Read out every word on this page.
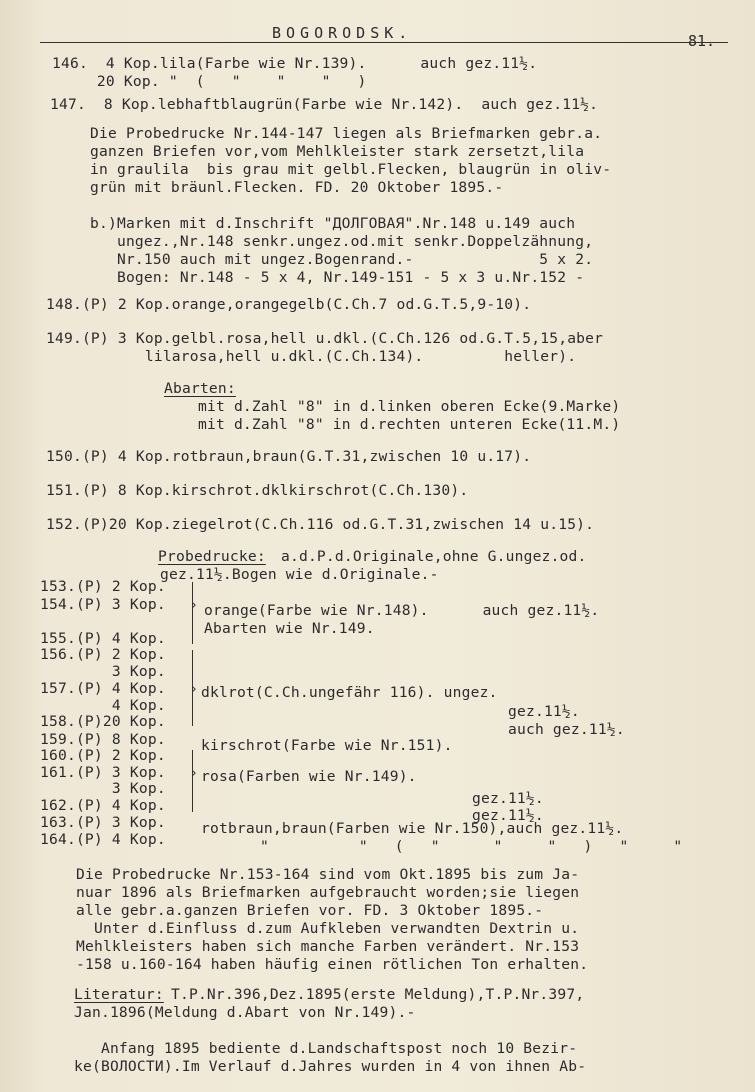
BOGORODSK.	81.
146.  4 Kop.lila(Farbe wie Nr.139).      auch gez.11½.
20 Kop. "  (   "    "    "   )
147.  8 Kop.lebhaftblaugrün(Farbe wie Nr.142).  auch gez.11½.
Die Probedrucke Nr.144-147 liegen als Briefmarken gebr.a.
ganzen Briefen vor,vom Mehlkleister stark zersetzt,lila
in graulila  bis grau mit gelbl.Flecken, blaugrün in oliv-
grün mit bräunl.Flecken. FD. 20 Oktober 1895.-
b.)Marken mit d.Inschrift "ДОЛГОВАЯ".Nr.148 u.149 auch
ungez.,Nr.148 senkr.ungez.od.mit senkr.Doppelzähnung,
Nr.150 auch mit ungez.Bogenrand.-              5 x 2.
Bogen: Nr.148 - 5 x 4, Nr.149-151 - 5 x 3 u.Nr.152 -
148.(P) 2 Kop.orange,orangegelb(C.Ch.7 od.G.T.5,9-10).
149.(P) 3 Kop.gelbl.rosa,hell u.dkl.(C.Ch.126 od.G.T.5,15,aber
lilarosa,hell u.dkl.(C.Ch.134).         heller).
Abarten:
mit d.Zahl "8" in d.linken oberen Ecke(9.Marke)
mit d.Zahl "8" in d.rechten unteren Ecke(11.M.)
150.(P) 4 Kop.rotbraun,braun(G.T.31,zwischen 10 u.17).
151.(P) 8 Kop.kirschrot.dklkirschrot(C.Ch.130).
152.(P)20 Kop.ziegelrot(C.Ch.116 od.G.T.31,zwischen 14 u.15).
Probedrucke: a.d.P.d.Originale,ohne G.ungez.od.
gez.11½.Bogen wie d.Originale.-
153.(P) 2 Kop.
154.(P) 3 Kop.	orange(Farbe wie Nr.148).      auch gez.11½.
Abarten wie Nr.149.
155.(P) 4 Kop.
156.(P) 2 Kop.
3 Kop.
157.(P) 4 Kop. dklrot(C.Ch.ungefähr 116). ungez.
4 Kop.	gez.11½.
158.(P)20 Kop.	auch gez.11½.
159.(P) 8 Kop. kirschrot(Farbe wie Nr.151).
160.(P) 2 Kop.
161.(P) 3 Kop. rosa(Farben wie Nr.149).
3 Kop.
162.(P) 4 Kop.	gez.11½.
gez.11½.
163.(P) 3 Kop. rotbraun,braun(Farben wie Nr.150),auch gez.11½.
164.(P) 4 Kop.	"          "   (   "      "     "   )   "     "
›
›
›
Die Probedrucke Nr.153-164 sind vom Okt.1895 bis zum Ja-
nuar 1896 als Briefmarken aufgebraucht worden;sie liegen
alle gebr.a.ganzen Briefen vor. FD. 3 Oktober 1895.-
Unter d.Einfluss d.zum Aufkleben verwandten Dextrin u.
Mehlkleisters haben sich manche Farben verändert. Nr.153
-158 u.160-164 haben häufig einen rötlichen Ton erhalten.
Literatur:
T.P.Nr.396,Dez.1895(erste Meldung),T.P.Nr.397,
Jan.1896(Meldung d.Abart von Nr.149).-
Anfang 1895 bediente d.Landschaftspost noch 10 Bezir-
ke(ВОЛОСТИ).Im Verlauf d.Jahres wurden in 4 von ihnen Ab-
